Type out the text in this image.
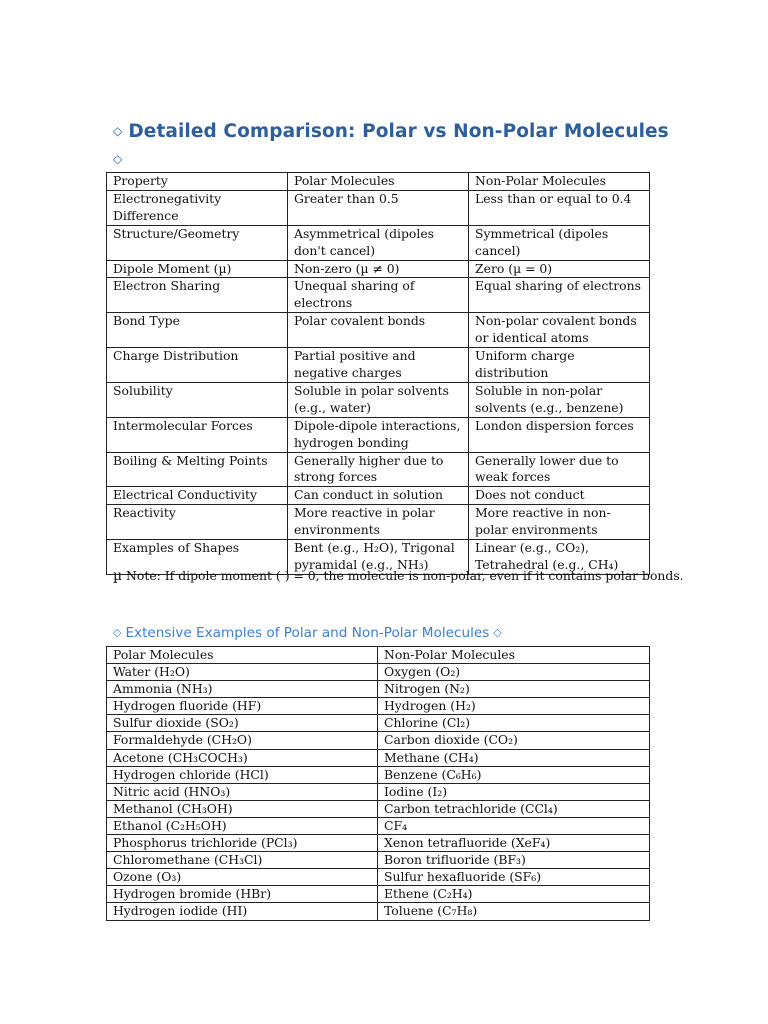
◇ Detailed Comparison: Polar vs Non-Polar Molecules
◇
Property	Polar Molecules	Non-Polar Molecules
Electronegativity Difference	Greater than 0.5	Less than or equal to 0.4
Structure/Geometry	Asymmetrical (dipoles don't cancel)	Symmetrical (dipoles cancel)
Dipole Moment (µ)	Non-zero (µ ≠ 0)	Zero (µ = 0)
Electron Sharing	Unequal sharing of electrons	Equal sharing of electrons
Bond Type	Polar covalent bonds	Non-polar covalent bonds or identical atoms
Charge Distribution	Partial positive and negative charges	Uniform charge distribution
Solubility	Soluble in polar solvents (e.g., water)	Soluble in non-polar solvents (e.g., benzene)
Intermolecular Forces	Dipole-dipole interactions, hydrogen bonding	London dispersion forces
Boiling & Melting Points	Generally higher due to strong forces	Generally lower due to weak forces
Electrical Conductivity	Can conduct in solution	Does not conduct
Reactivity	More reactive in polar environments	More reactive in non-polar environments
Examples of Shapes	Bent (e.g., H₂O), Trigonal pyramidal (e.g., NH₃)	Linear (e.g., CO₂), Tetrahedral (e.g., CH₄)
µ Note: If dipole moment ( ) = 0, the molecule is non-polar, even if it contains polar bonds.
◇ Extensive Examples of Polar and Non-Polar Molecules ◇
Polar Molecules	Non-Polar Molecules
Water (H₂O)	Oxygen (O₂)
Ammonia (NH₃)	Nitrogen (N₂)
Hydrogen fluoride (HF)	Hydrogen (H₂)
Sulfur dioxide (SO₂)	Chlorine (Cl₂)
Formaldehyde (CH₂O)	Carbon dioxide (CO₂)
Acetone (CH₃COCH₃)	Methane (CH₄)
Hydrogen chloride (HCl)	Benzene (C₆H₆)
Nitric acid (HNO₃)	Iodine (I₂)
Methanol (CH₃OH)	Carbon tetrachloride (CCl₄)
Ethanol (C₂H₅OH)	CF₄
Phosphorus trichloride (PCl₃)	Xenon tetrafluoride (XeF₄)
Chloromethane (CH₃Cl)	Boron trifluoride (BF₃)
Ozone (O₃)	Sulfur hexafluoride (SF₆)
Hydrogen bromide (HBr)	Ethene (C₂H₄)
Hydrogen iodide (HI)	Toluene (C₇H₈)
